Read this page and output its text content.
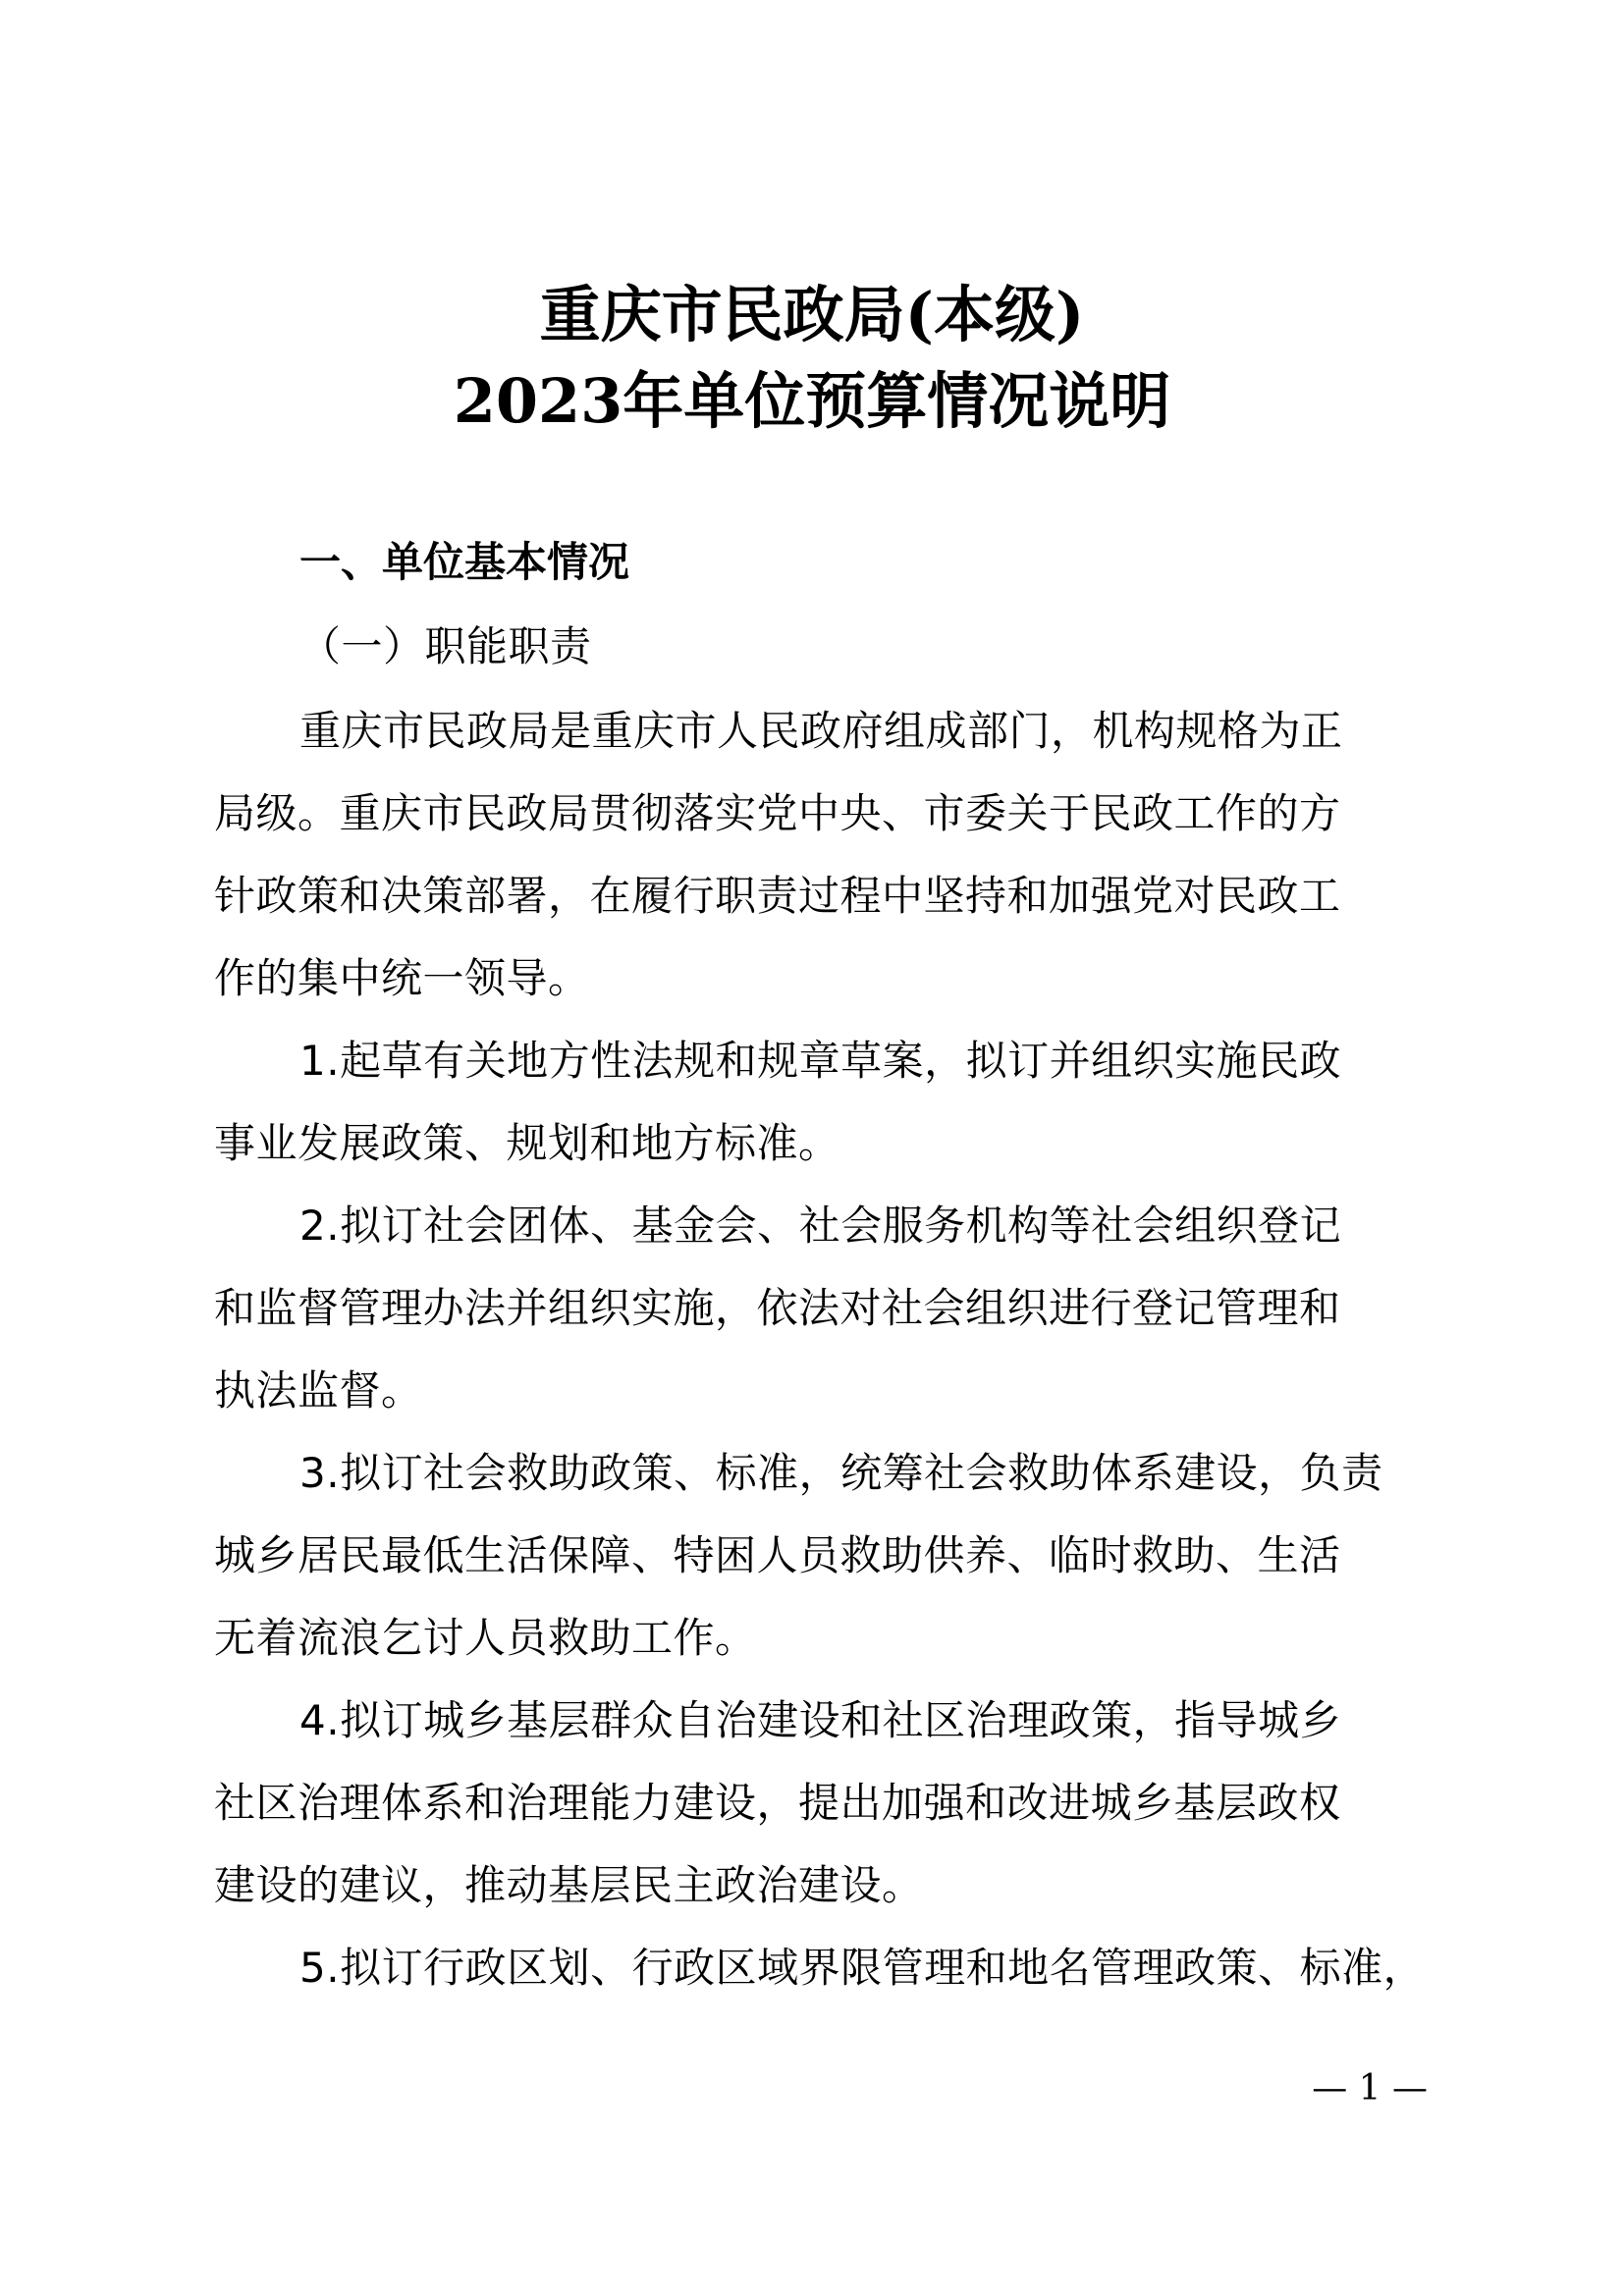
重庆市民政局(本级)
2023年单位预算情况说明
一、单位基本情况
（一）职能职责
重庆市民政局是重庆市人民政府组成部门，机构规格为正
局级。重庆市民政局贯彻落实党中央、市委关于民政工作的方
针政策和决策部署，在履行职责过程中坚持和加强党对民政工
作的集中统一领导。
1.起草有关地方性法规和规章草案，拟订并组织实施民政
事业发展政策、规划和地方标准。
2.拟订社会团体、基金会、社会服务机构等社会组织登记
和监督管理办法并组织实施，依法对社会组织进行登记管理和
执法监督。
3.拟订社会救助政策、标准，统筹社会救助体系建设，负责
城乡居民最低生活保障、特困人员救助供养、临时救助、生活
无着流浪乞讨人员救助工作。
4.拟订城乡基层群众自治建设和社区治理政策，指导城乡
社区治理体系和治理能力建设，提出加强和改进城乡基层政权
建设的建议，推动基层民主政治建设。
5.拟订行政区划、行政区域界限管理和地名管理政策、标准，
— 1 —
